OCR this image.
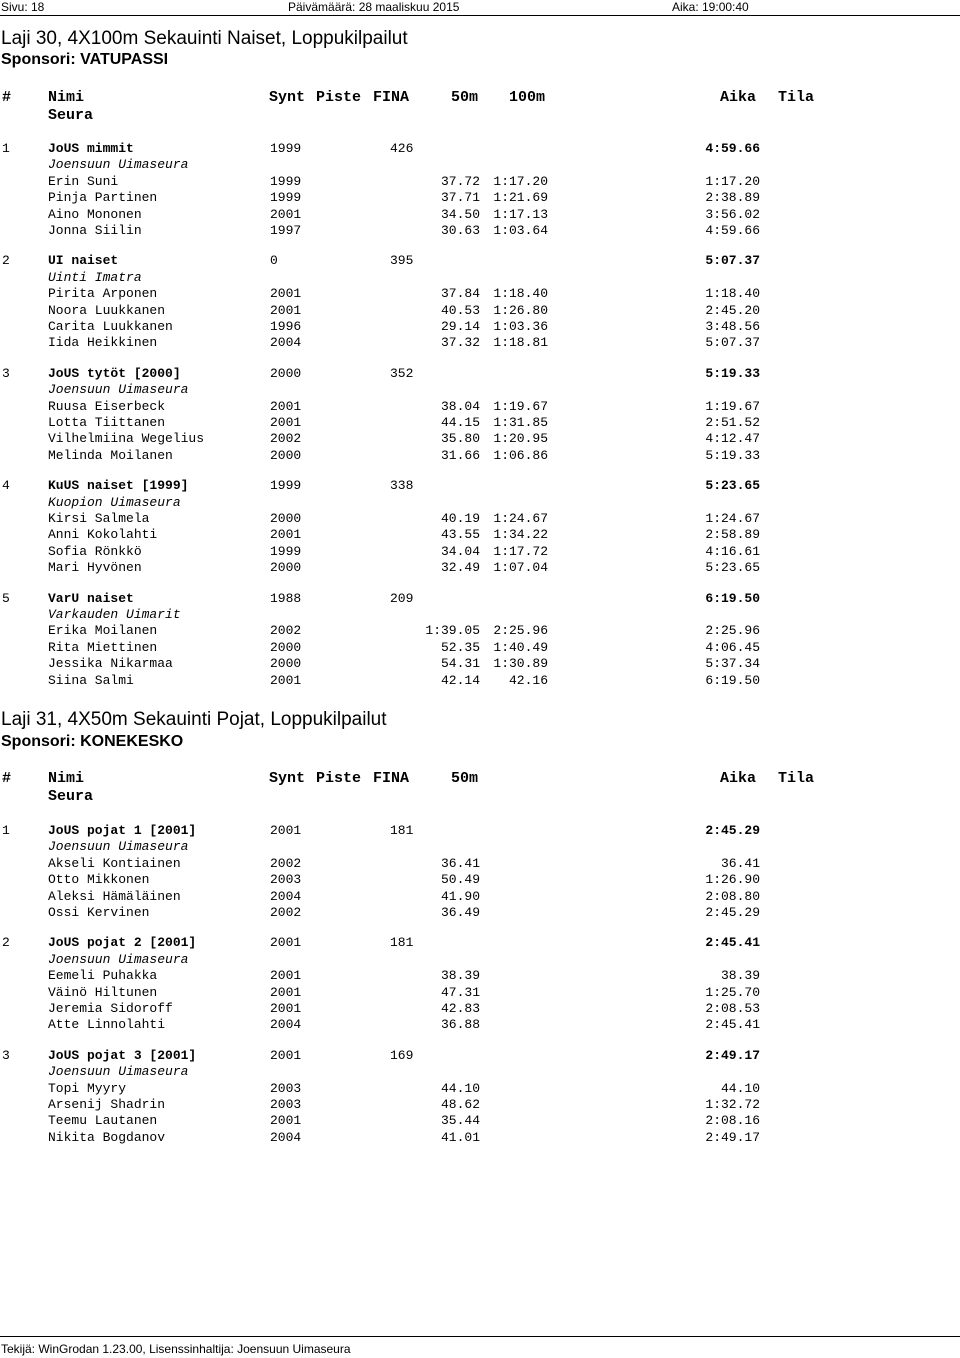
Sivu: 18	Päivämäärä: 28 maaliskuu 2015	Aika: 19:00:40
Laji 30, 4X100m Sekauinti Naiset, Loppukilpailut
Sponsori: VATUPASSI
# Nimi	Synt Piste FINA	50m 100m	Aika Tila
Seura
1	JoUS mimmit	1999	426	4:59.66
Joensuun Uimaseura
Erin Suni	1999	37.72 1:17.20	1:17.20
Pinja Partinen	1999	37.71 1:21.69	2:38.89
Aino Mononen	2001	34.50 1:17.13	3:56.02
Jonna Siilin	1997	30.63 1:03.64	4:59.66
2	UI naiset	0	395	5:07.37
Uinti Imatra
Pirita Arponen	2001	37.84 1:18.40	1:18.40
Noora Luukkanen	2001	40.53 1:26.80	2:45.20
Carita Luukkanen	1996	29.14 1:03.36	3:48.56
Iida Heikkinen	2004	37.32 1:18.81	5:07.37
3	JoUS tytöt [2000]	2000	352	5:19.33
Joensuun Uimaseura
Ruusa Eiserbeck	2001	38.04 1:19.67	1:19.67
Lotta Tiittanen	2001	44.15 1:31.85	2:51.52
Vilhelmiina Wegelius	2002	35.80 1:20.95	4:12.47
Melinda Moilanen	2000	31.66 1:06.86	5:19.33
4	KuUS naiset [1999]	1999	338	5:23.65
Kuopion Uimaseura
Kirsi Salmela	2000	40.19 1:24.67	1:24.67
Anni Kokolahti	2001	43.55 1:34.22	2:58.89
Sofia Rönkkö	1999	34.04 1:17.72	4:16.61
Mari Hyvönen	2000	32.49 1:07.04	5:23.65
5	VarU naiset	1988	209	6:19.50
Varkauden Uimarit
Erika Moilanen	2002	1:39.05 2:25.96	2:25.96
Rita Miettinen	2000	52.35 1:40.49	4:06.45
Jessika Nikarmaa	2000	54.31 1:30.89	5:37.34
Siina Salmi	2001	42.14 42.16	6:19.50
Laji 31, 4X50m Sekauinti Pojat, Loppukilpailut
Sponsori: KONEKESKO
# Nimi	Synt Piste FINA	50m	Aika Tila
Seura
1	JoUS pojat 1 [2001]	2001	181	2:45.29
Joensuun Uimaseura
Akseli Kontiainen	2002	36.41	36.41
Otto Mikkonen	2003	50.49	1:26.90
Aleksi Hämäläinen	2004	41.90	2:08.80
Ossi Kervinen	2002	36.49	2:45.29
2	JoUS pojat 2 [2001]	2001	181	2:45.41
Joensuun Uimaseura
Eemeli Puhakka	2001	38.39	38.39
Väinö Hiltunen	2001	47.31	1:25.70
Jeremia Sidoroff	2001	42.83	2:08.53
Atte Linnolahti	2004	36.88	2:45.41
3	JoUS pojat 3 [2001]	2001	169	2:49.17
Joensuun Uimaseura
Topi Myyry	2003	44.10	44.10
Arsenij Shadrin	2003	48.62	1:32.72
Teemu Lautanen	2001	35.44	2:08.16
Nikita Bogdanov	2004	41.01	2:49.17
Tekijä: WinGrodan 1.23.00, Lisenssinhaltija: Joensuun Uimaseura
